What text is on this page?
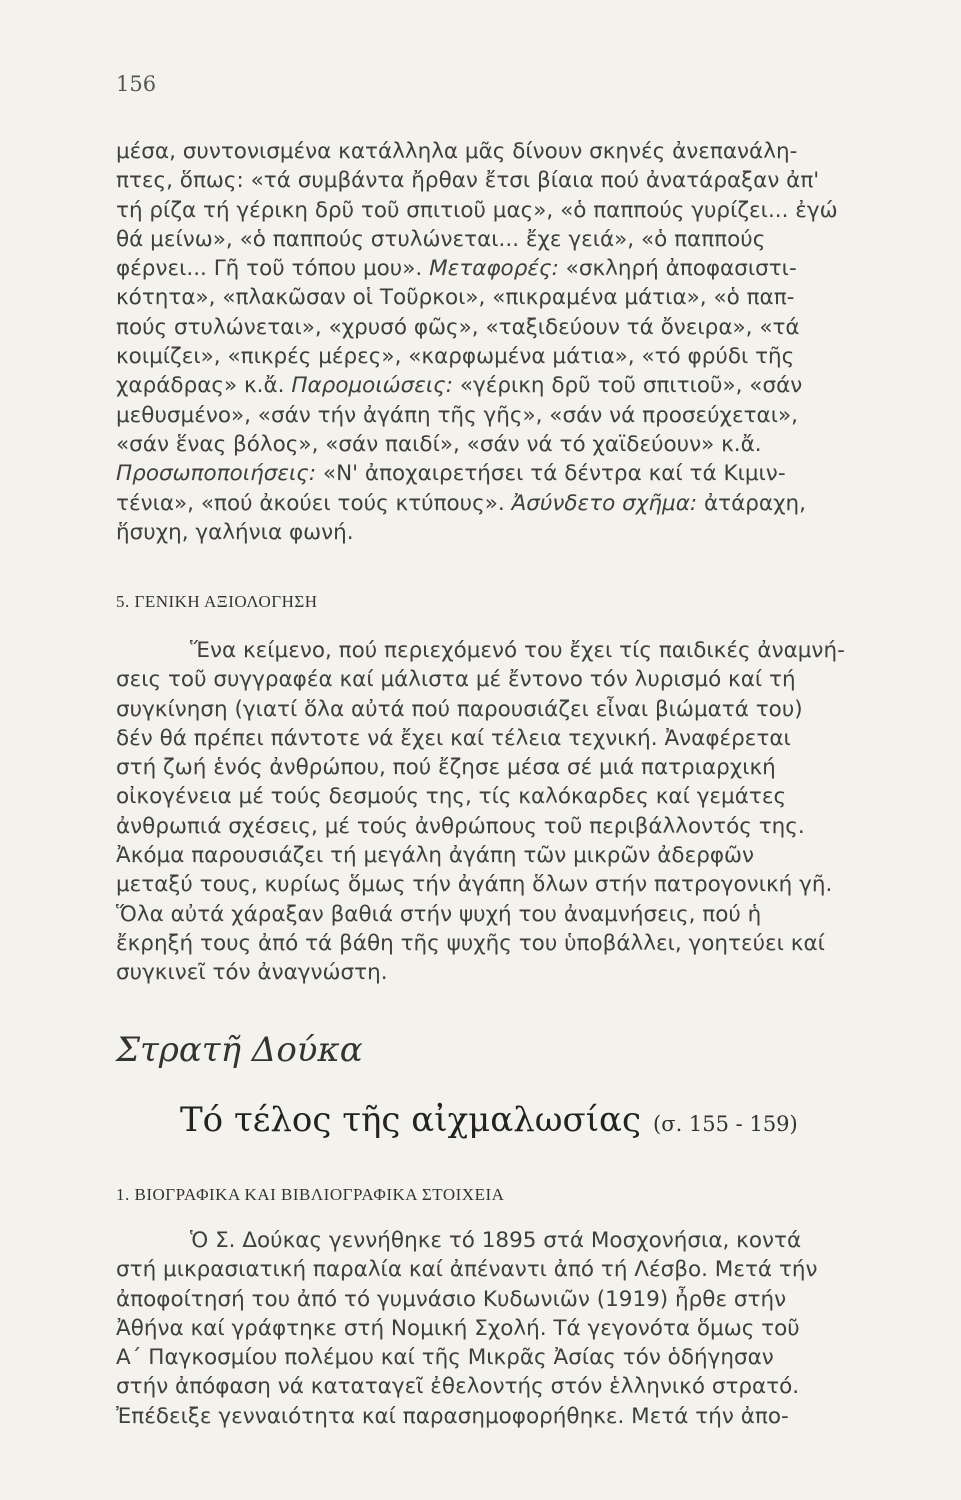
156
μέσα, συντονισμένα κατάλληλα μᾶς δίνουν σκηνές ἀνεπανάλη-
πτες, ὅπως: «τά συμβάντα ἤρθαν ἔτσι βίαια πού ἀνατάραξαν ἀπ'
τή ρίζα τή γέρικη δρῦ τοῦ σπιτιοῦ μας», «ὁ παππούς γυρίζει... ἐγώ
θά μείνω», «ὁ παππούς στυλώνεται... ἔχε γειά», «ὁ παππούς
φέρνει... Γῆ τοῦ τόπου μου». Μεταφορές: «σκληρή ἀποφασιστι-
κότητα», «πλακῶσαν οἱ Τοῦρκοι», «πικραμένα μάτια», «ὁ παπ-
πούς στυλώνεται», «χρυσό φῶς», «ταξιδεύουν τά ὄνειρα», «τά
κοιμίζει», «πικρές μέρες», «καρφωμένα μάτια», «τό φρύδι τῆς
χαράδρας» κ.ἄ. Παρομοιώσεις: «γέρικη δρῦ τοῦ σπιτιοῦ», «σάν
μεθυσμένο», «σάν τήν ἀγάπη τῆς γῆς», «σάν νά προσεύχεται»,
«σάν ἕνας βόλος», «σάν παιδί», «σάν νά τό χαϊδεύουν» κ.ἄ.
Προσωποποιήσεις: «Ν' ἀποχαιρετήσει τά δέντρα καί τά Κιμιν-
τένια», «πού ἀκούει τούς κτύπους». Ἀσύνδετο σχῆμα: ἀτάραχη,
ἥσυχη, γαλήνια φωνή.
5. ΓΕΝΙΚΗ ΑΞΙΟΛΟΓΗΣΗ
Ἕνα κείμενο, πού περιεχόμενό του ἔχει τίς παιδικές ἀναμνή-
σεις τοῦ συγγραφέα καί μάλιστα μέ ἔντονο τόν λυρισμό καί τή
συγκίνηση (γιατί ὅλα αὐτά πού παρουσιάζει εἶναι βιώματά του)
δέν θά πρέπει πάντοτε νά ἔχει καί τέλεια τεχνική. Ἀναφέρεται
στή ζωή ἑνός ἀνθρώπου, πού ἔζησε μέσα σέ μιά πατριαρχική
οἰκογένεια μέ τούς δεσμούς της, τίς καλόκαρδες καί γεμάτες
ἀνθρωπιά σχέσεις, μέ τούς ἀνθρώπους τοῦ περιβάλλοντός της.
Ἀκόμα παρουσιάζει τή μεγάλη ἀγάπη τῶν μικρῶν ἀδερφῶν
μεταξύ τους, κυρίως ὅμως τήν ἀγάπη ὅλων στήν πατρογονική γῆ.
Ὅλα αὐτά χάραξαν βαθιά στήν ψυχή του ἀναμνήσεις, πού ἡ
ἔκρηξή τους ἀπό τά βάθη τῆς ψυχῆς του ὑποβάλλει, γοητεύει καί
συγκινεῖ τόν ἀναγνώστη.
Στρατῆ Δούκα
Τό τέλος τῆς αἰχμαλωσίας (σ. 155 - 159)
1. ΒΙΟΓΡΑΦΙΚΑ ΚΑΙ ΒΙΒΛΙΟΓΡΑΦΙΚΑ ΣΤΟΙΧΕΙΑ
Ὁ Σ. Δούκας γεννήθηκε τό 1895 στά Μοσχονήσια, κοντά
στή μικρασιατική παραλία καί ἀπέναντι ἀπό τή Λέσβο. Μετά τήν
ἀποφοίτησή του ἀπό τό γυμνάσιο Κυδωνιῶν (1919) ἦρθε στήν
Ἀθήνα καί γράφτηκε στή Νομική Σχολή. Τά γεγονότα ὅμως τοῦ
Α΄ Παγκοσμίου πολέμου καί τῆς Μικρᾶς Ἀσίας τόν ὁδήγησαν
στήν ἀπόφαση νά καταταγεῖ ἐθελοντής στόν ἑλληνικό στρατό.
Ἐπέδειξε γενναιότητα καί παρασημοφορήθηκε. Μετά τήν ἀπο-
